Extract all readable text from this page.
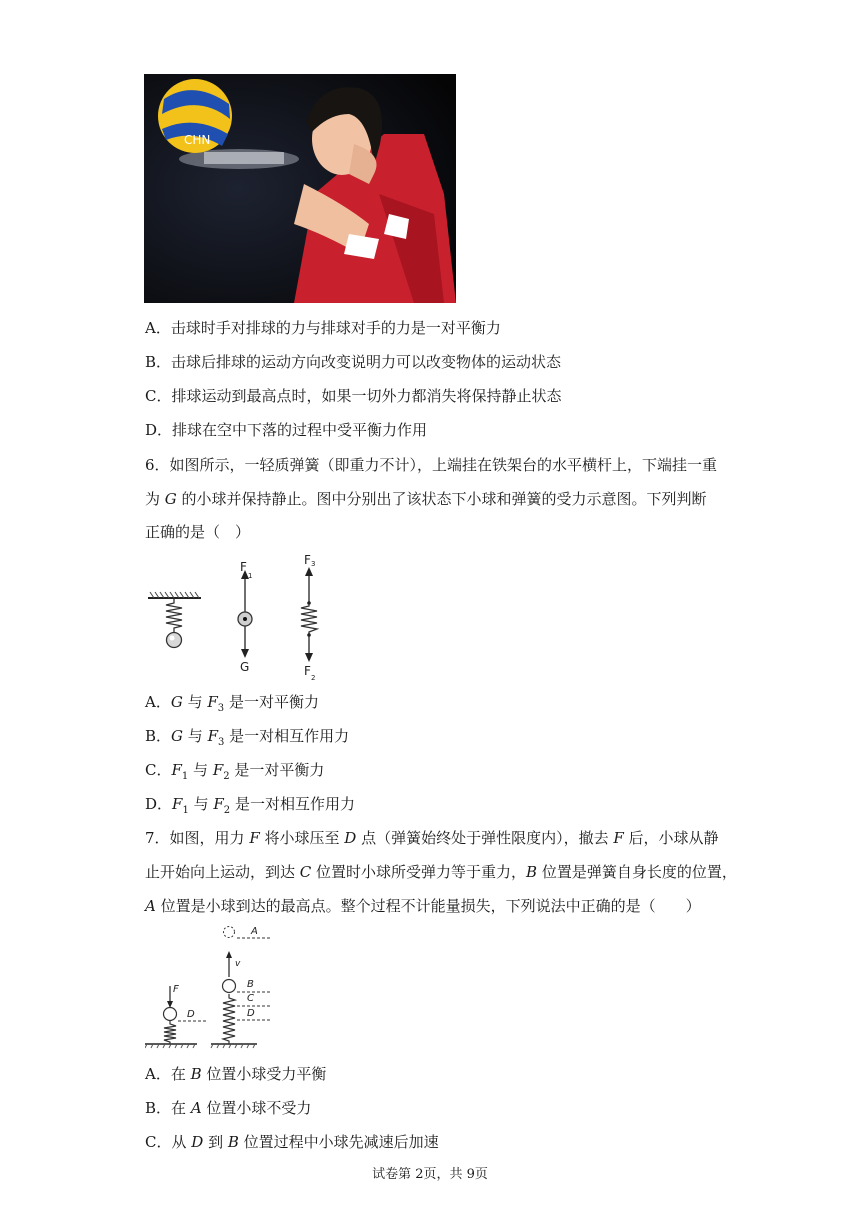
CHN
A．击球时手对排球的力与排球对手的力是一对平衡力
B．击球后排球的运动方向改变说明力可以改变物体的运动状态
C．排球运动到最高点时，如果一切外力都消失将保持静止状态
D．排球在空中下落的过程中受平衡力作用
6．如图所示，一轻质弹簧（即重力不计），上端挂在铁架台的水平横杆上，下端挂一重
为 G 的小球并保持静止。图中分别出了该状态下小球和弹簧的受力示意图。下列判断
正确的是（　）
F
1
G
F 3
F 2
A．G 与 $F_3$ 是一对平衡力
B．G 与 $F_3$ 是一对相互作用力
C．$F_1$ 与 $F_2$ 是一对平衡力
D．$F_1$ 与 $F_2$ 是一对相互作用力
7．如图，用力 F 将小球压至 D 点（弹簧始终处于弹性限度内），撤去 F 后，小球从静
止开始向上运动，到达 C 位置时小球所受弹力等于重力，B 位置是弹簧自身长度的位置，
A 位置是小球到达的最高点。整个过程不计能量损失，下列说法中正确的是（　　）
F
D
v
A
B
C
D
A．在 B 位置小球受力平衡
B．在 A 位置小球不受力
C．从 D 到 B 位置过程中小球先减速后加速
试卷第 2页，共 9页
